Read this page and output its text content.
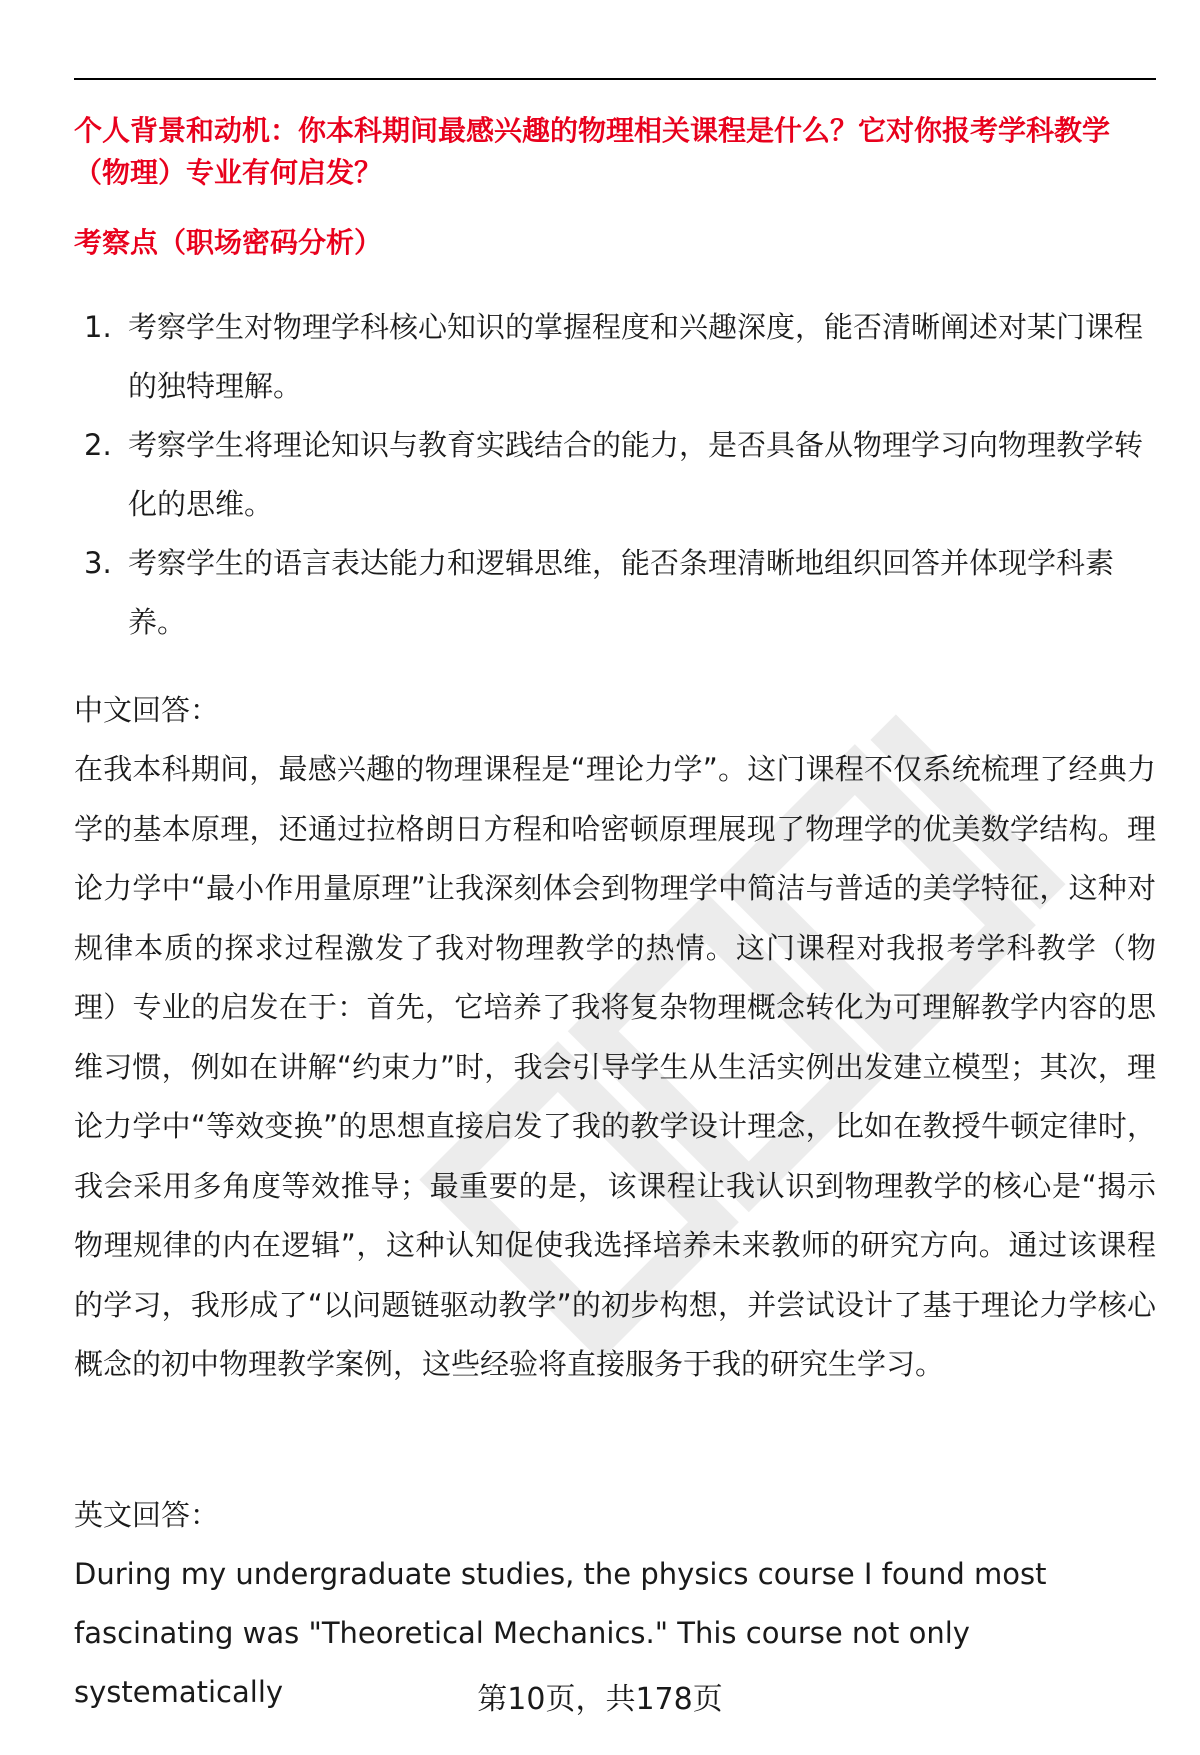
个人背景和动机：你本科期间最感兴趣的物理相关课程是什么？它对你报考学科教学（物理）专业有何启发？

考察点（职场密码分析）

1. 考察学生对物理学科核心知识的掌握程度和兴趣深度，能否清晰阐述对某门课程的独特理解。
2. 考察学生将理论知识与教育实践结合的能力，是否具备从物理学习向物理教学转化的思维。
3. 考察学生的语言表达能力和逻辑思维，能否条理清晰地组织回答并体现学科素养。

中文回答：

在我本科期间，最感兴趣的物理课程是“理论力学”。这门课程不仅系统梳理了经典力学的基本原理，还通过拉格朗日方程和哈密顿原理展现了物理学的优美数学结构。理论力学中“最小作用量原理”让我深刻体会到物理学中简洁与普适的美学特征，这种对规律本质的探求过程激发了我对物理教学的热情。这门课程对我报考学科教学（物理）专业的启发在于：首先，它培养了我将复杂物理概念转化为可理解教学内容的思维习惯，例如在讲解“约束力”时，我会引导学生从生活实例出发建立模型；其次，理论力学中“等效变换”的思想直接启发了我的教学设计理念，比如在教授牛顿定律时，我会采用多角度等效推导；最重要的是，该课程让我认识到物理教学的核心是“揭示物理规律的内在逻辑”，这种认知促使我选择培养未来教师的研究方向。通过该课程的学习，我形成了“以问题链驱动教学”的初步构想，并尝试设计了基于理论力学核心概念的初中物理教学案例，这些经验将直接服务于我的研究生学习。

英文回答：

During my undergraduate studies, the physics course I found most fascinating was "Theoretical Mechanics." This course not only systematically	第10页，共178页
